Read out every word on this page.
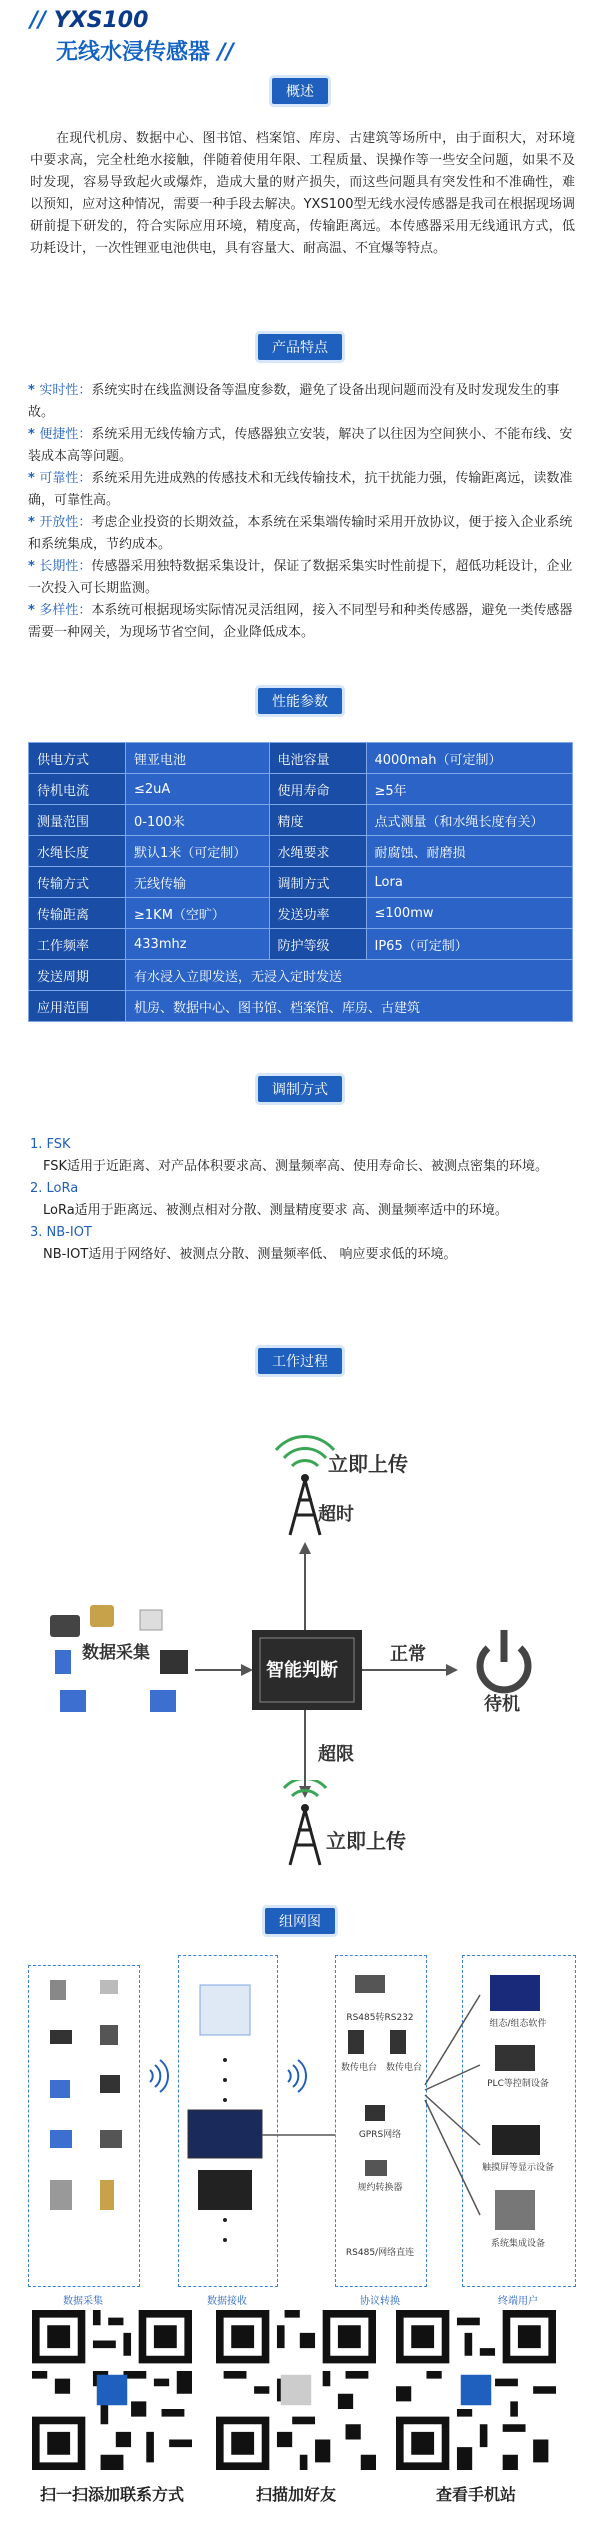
// YXS100
无线水浸传感器 //
概述
在现代机房、数据中心、图书馆、档案馆、库房、古建筑等场所中，由于面积大，对环境中要求高，完全杜绝水接触，伴随着使用年限、工程质量、误操作等一些安全问题，如果不及时发现，容易导致起火或爆炸，造成大量的财产损失，而这些问题具有突发性和不准确性，难以预知，应对这种情况，需要一种手段去解决。YXS100型无线水浸传感器是我司在根据现场调研前提下研发的，符合实际应用环境，精度高，传输距离远。本传感器采用无线通讯方式，低功耗设计，一次性锂亚电池供电，具有容量大、耐高温、不宜爆等特点。
产品特点
* 实时性：系统实时在线监测设备等温度参数，避免了设备出现问题而没有及时发现发生的事故。
* 便捷性：系统采用无线传输方式，传感器独立安装，解决了以往因为空间狭小、不能布线、安装成本高等问题。
* 可靠性：系统采用先进成熟的传感技术和无线传输技术，抗干扰能力强，传输距离远，读数准确，可靠性高。
* 开放性：考虑企业投资的长期效益，本系统在采集端传输时采用开放协议，便于接入企业系统和系统集成，节约成本。
* 长期性：传感器采用独特数据采集设计，保证了数据采集实时性前提下，超低功耗设计，企业一次投入可长期监测。
* 多样性：本系统可根据现场实际情况灵活组网，接入不同型号和种类传感器，避免一类传感器需要一种网关，为现场节省空间，企业降低成本。
性能参数
供电方式	锂亚电池	电池容量	4000mah（可定制）
待机电流	≤2uA	使用寿命	≥5年
测量范围	0-100米	精度	点式测量（和水绳长度有关）
水绳长度	默认1米（可定制）	水绳要求	耐腐蚀、耐磨损
传输方式	无线传输	调制方式	Lora
传输距离	≥1KM（空旷）	发送功率	≤100mw
工作频率	433mhz	防护等级	IP65（可定制）
发送周期	有水浸入立即发送，无浸入定时发送		
应用范围	机房、数据中心、图书馆、档案馆、库房、古建筑		
调制方式
1. FSK
FSK适用于近距离、对产品体积要求高、测量频率高、使用寿命长、被测点密集的环境。
2. LoRa
LoRa适用于距离远、被测点相对分散、测量精度要求 高、测量频率适中的环境。
3. NB-IOT
NB-IOT适用于网络好、被测点分散、测量频率低、 响应要求低的环境。
工作过程
立即上传
超时
数据采集
智能判断
正常
待机
超限
立即上传
组网图
RS485转RS232
数传电台 数传电台
GPRS网络
规约转换器
RS485/网络直连
组态/组态软件
PLC等控制设备
触摸屏等显示设备
系统集成设备
数据采集	数据接收	协议转换	终端用户
扫一扫添加联系方式	扫描加好友	查看手机站
